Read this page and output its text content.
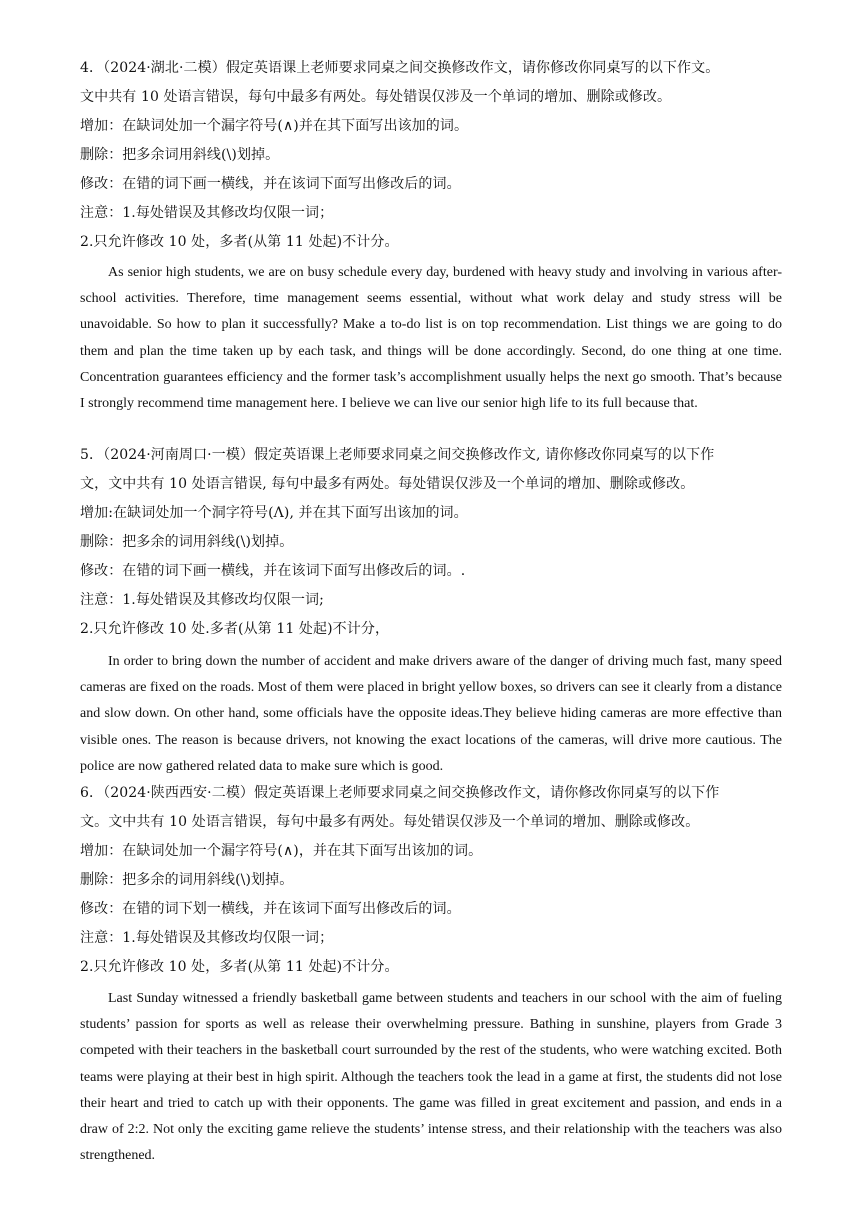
4．（2024·湖北·二模）假定英语课上老师要求同桌之间交换修改作文，请你修改你同桌写的以下作文。
文中共有 10 处语言错误，每句中最多有两处。每处错误仅涉及一个单词的增加、删除或修改。
增加：在缺词处加一个漏字符号(∧)并在其下面写出该加的词。
删除：把多余词用斜线(\)划掉。
修改：在错的词下画一横线，并在该词下面写出修改后的词。
注意：1.每处错误及其修改均仅限一词；
2.只允许修改 10 处，多者(从第 11 处起)不计分。

As senior high students, we are on busy schedule every day, burdened with heavy study and involving in various after-school activities. Therefore, time management seems essential, without what work delay and study stress will be unavoidable. So how to plan it successfully? Make a to-do list is on top recommendation. List things we are going to do them and plan the time taken up by each task, and things will be done accordingly. Second, do one thing at one time. Concentration guarantees efficiency and the former task’s accomplishment usually helps the next go smooth. That’s because I strongly recommend time management here. I believe we can live our senior high life to its full because that.

5．（2024·河南周口·一模）假定英语课上老师要求同桌之间交换修改作文, 请你修改你同桌写的以下作
文，文中共有 10 处语言错误, 每句中最多有两处。每处错误仅涉及一个单词的增加、删除或修改。
增加:在缺词处加一个洞字符号(Λ), 并在其下面写出该加的词。
删除：把多余的词用斜线(\)划掉。
修改：在错的词下画一横线，并在该词下面写出修改后的词。.
注意：1.每处错误及其修改均仅限一词;
2.只允许修改 10 处.多者(从第 11 处起)不计分，

In order to bring down the number of accident and make drivers aware of the danger of driving much fast, many speed cameras are fixed on the roads. Most of them were placed in bright yellow boxes, so drivers can see it clearly from a distance and slow down. On other hand, some officials have the opposite ideas.They believe hiding cameras are more effective than visible ones. The reason is because drivers, not knowing the exact locations of the cameras, will drive more cautious. The police are now gathered related data to make sure which is good.

6．（2024·陕西西安·二模）假定英语课上老师要求同桌之间交换修改作文，请你修改你同桌写的以下作
文。文中共有 10 处语言错误，每句中最多有两处。每处错误仅涉及一个单词的增加、删除或修改。
增加：在缺词处加一个漏字符号(∧)，并在其下面写出该加的词。
删除：把多余的词用斜线(\)划掉。
修改：在错的词下划一横线，并在该词下面写出修改后的词。
注意：1.每处错误及其修改均仅限一词；
2.只允许修改 10 处，多者(从第 11 处起)不计分。

Last Sunday witnessed a friendly basketball game between students and teachers in our school with the aim of fueling students’ passion for sports as well as release their overwhelming pressure. Bathing in sunshine, players from Grade 3 competed with their teachers in the basketball court surrounded by the rest of the students, who were watching excited. Both teams were playing at their best in high spirit. Although the teachers took the lead in a game at first, the students did not lose their heart and tried to catch up with their opponents. The game was filled in great excitement and passion, and ends in a draw of 2:2. Not only the exciting game relieve the students’ intense stress, and their relationship with the teachers was also strengthened.
